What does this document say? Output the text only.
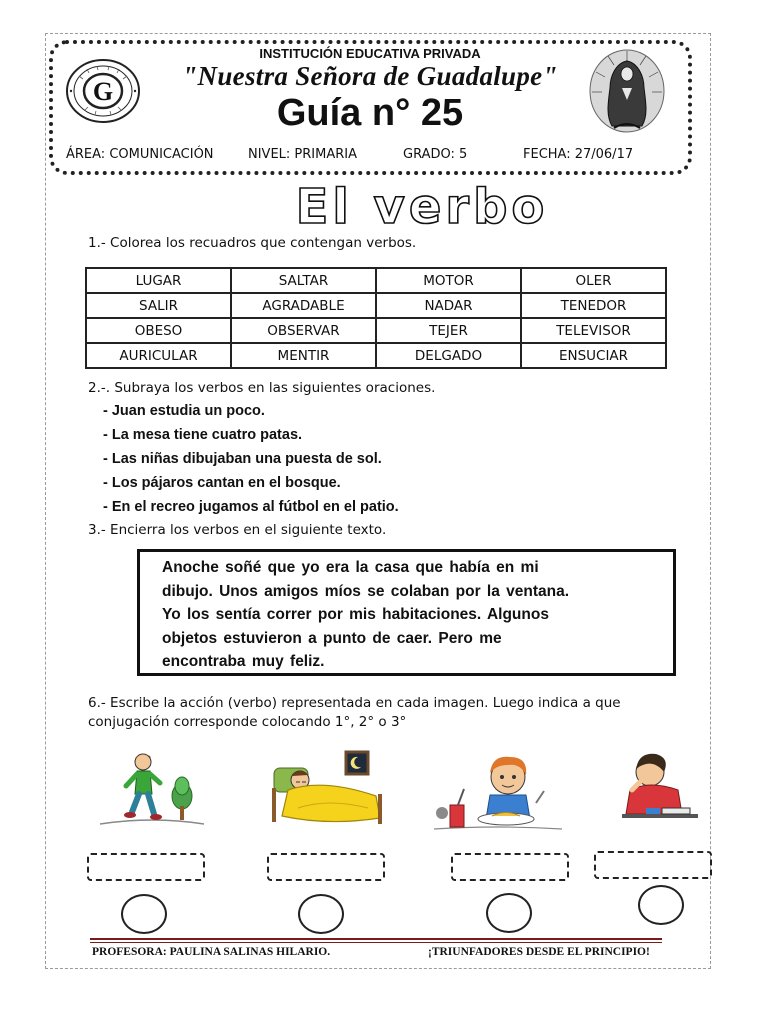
G
INSTITUCIÓN EDUCATIVA PRIVADA
"Nuestra Señora de Guadalupe"
Guía n° 25
ÁREA: COMUNICACIÓN	NIVEL: PRIMARIA	GRADO: 5	FECHA: 27/06/17
El verbo
1.- Colorea los recuadros que contengan verbos.
LUGAR	SALTAR	MOTOR	OLER
SALIR	AGRADABLE	NADAR	TENEDOR
OBESO	OBSERVAR	TEJER	TELEVISOR
AURICULAR	MENTIR	DELGADO	ENSUCIAR
2.-. Subraya los verbos en las siguientes oraciones.
- Juan estudia un poco.
- La mesa tiene cuatro patas.
- Las niñas dibujaban una puesta de sol.
- Los pájaros cantan en el bosque.
- En el recreo jugamos al fútbol en el patio.
3.- Encierra los verbos en el siguiente texto.

Anoche soñé que yo era la casa que había en mi

dibujo. Unos amigos míos se colaban por la ventana.

Yo los sentía correr por mis habitaciones. Algunos

objetos estuvieron a punto de caer. Pero me

encontraba muy feliz.

6.- Escribe la acción (verbo) representada en cada imagen. Luego indica a que
conjugación corresponde colocando 1°, 2° o 3°
PROFESORA: PAULINA SALINAS HILARIO.	¡TRIUNFADORES DESDE EL PRINCIPIO!
